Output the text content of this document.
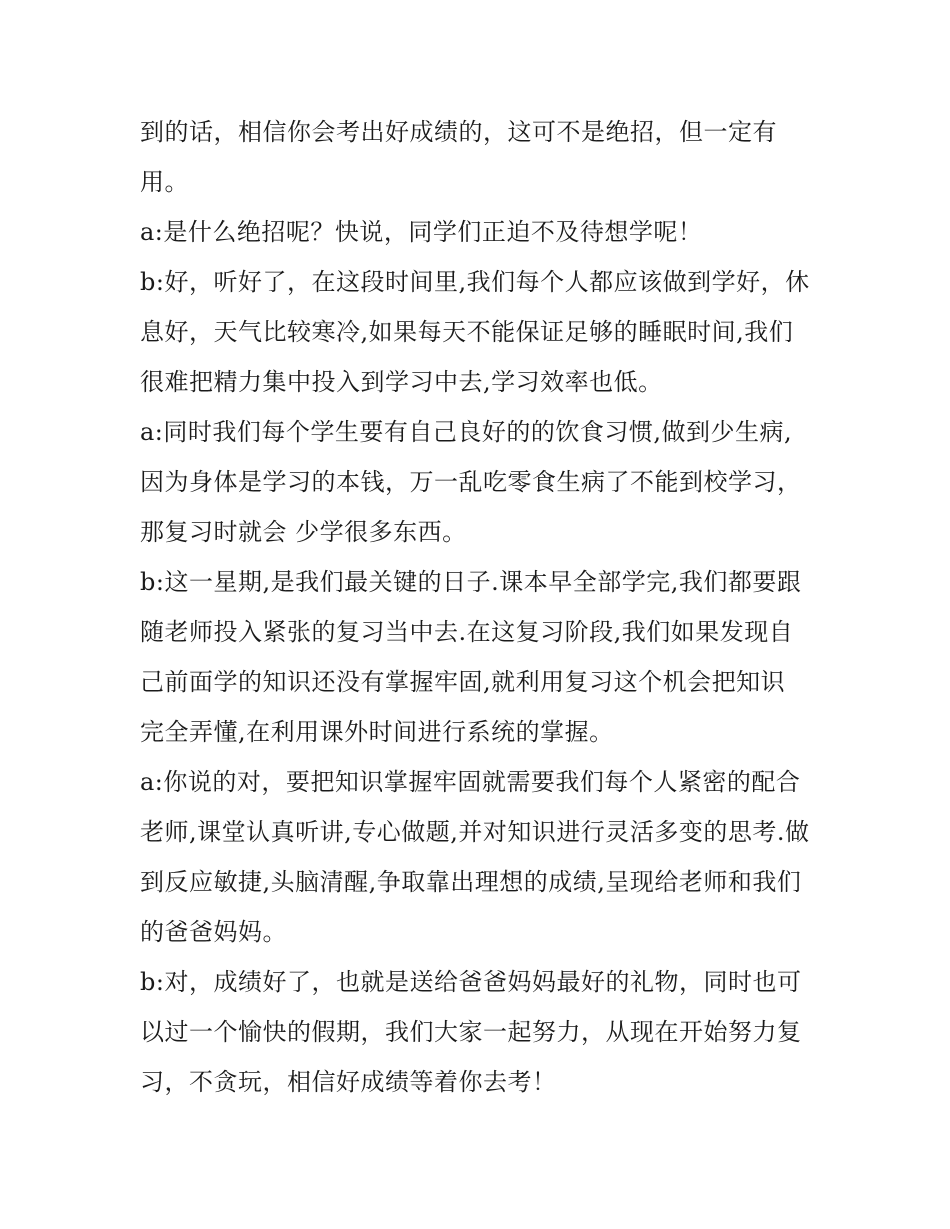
到的话，相信你会考出好成绩的，这可不是绝招，但一定有
用。
a:是什么绝招呢？快说，同学们正迫不及待想学呢！
b:好，听好了，在这段时间里,我们每个人都应该做到学好，休
息好，天气比较寒冷,如果每天不能保证足够的睡眠时间,我们
很难把精力集中投入到学习中去,学习效率也低。
a:同时我们每个学生要有自己良好的的饮食习惯,做到少生病,
因为身体是学习的本钱，万一乱吃零食生病了不能到校学习，
那复习时就会 少学很多东西。
b:这一星期,是我们最关键的日子.课本早全部学完,我们都要跟
随老师投入紧张的复习当中去.在这复习阶段,我们如果发现自
己前面学的知识还没有掌握牢固,就利用复习这个机会把知识
完全弄懂,在利用课外时间进行系统的掌握。
a:你说的对，要把知识掌握牢固就需要我们每个人紧密的配合
老师,课堂认真听讲,专心做题,并对知识进行灵活多变的思考.做
到反应敏捷,头脑清醒,争取靠出理想的成绩,呈现给老师和我们
的爸爸妈妈。
b:对，成绩好了，也就是送给爸爸妈妈最好的礼物，同时也可
以过一个愉快的假期，我们大家一起努力，从现在开始努力复
习，不贪玩，相信好成绩等着你去考！
